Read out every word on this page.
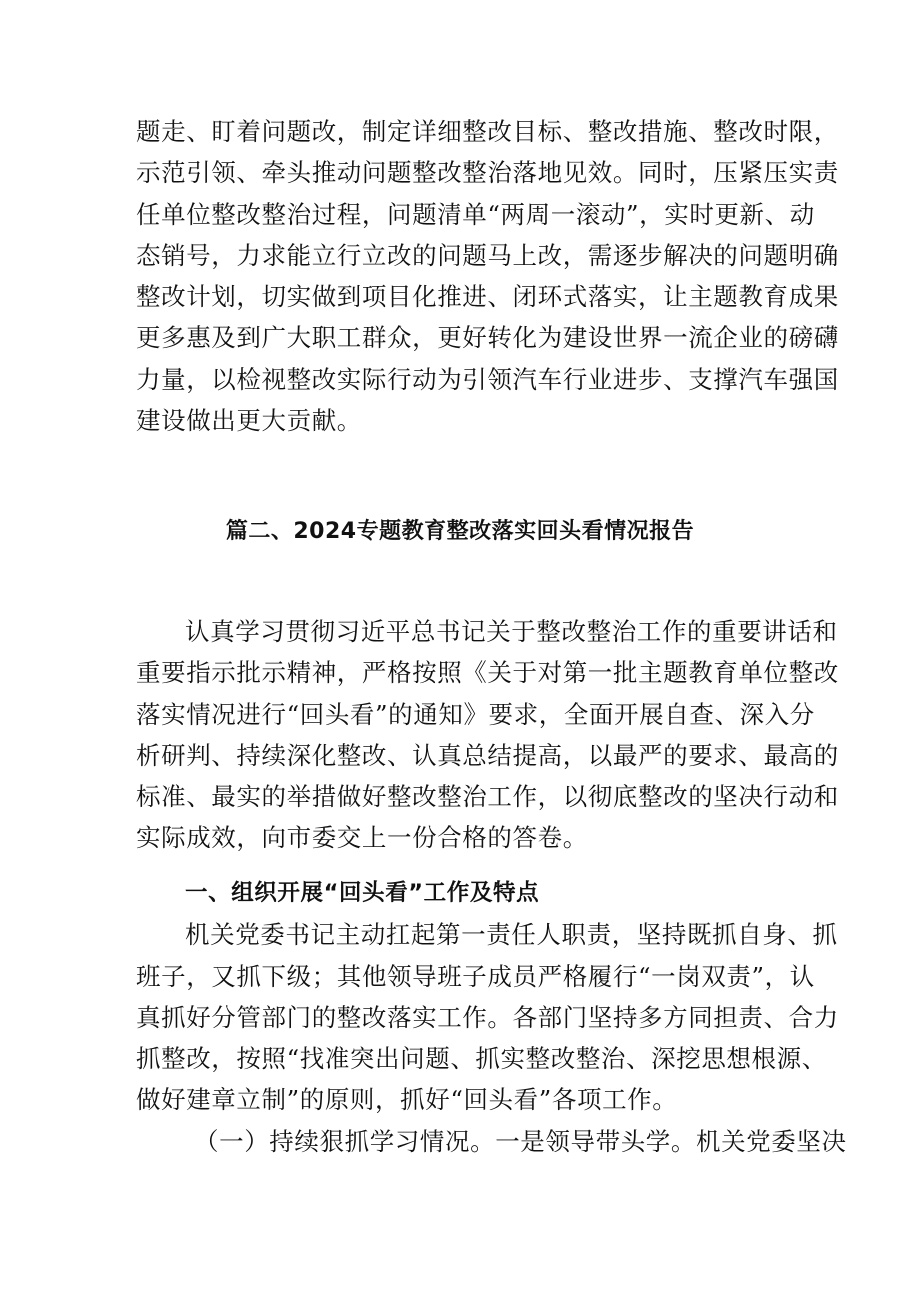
题走、盯着问题改，制定详细整改目标、整改措施、整改时限，
示范引领、牵头推动问题整改整治落地见效。同时，压紧压实责
任单位整改整治过程，问题清单“两周一滚动”，实时更新、动
态销号，力求能立行立改的问题马上改，需逐步解决的问题明确
整改计划，切实做到项目化推进、闭环式落实，让主题教育成果
更多惠及到广大职工群众，更好转化为建设世界一流企业的磅礴
力量，以检视整改实际行动为引领汽车行业进步、支撑汽车强国
建设做出更大贡献。
篇二、2024专题教育整改落实回头看情况报告
认真学习贯彻习近平总书记关于整改整治工作的重要讲话和
重要指示批示精神，严格按照《关于对第一批主题教育单位整改
落实情况进行“回头看”的通知》要求，全面开展自查、深入分
析研判、持续深化整改、认真总结提高，以最严的要求、最高的
标准、最实的举措做好整改整治工作，以彻底整改的坚决行动和
实际成效，向市委交上一份合格的答卷。
一、组织开展“回头看”工作及特点
机关党委书记主动扛起第一责任人职责，坚持既抓自身、抓
班子，又抓下级；其他领导班子成员严格履行“一岗双责”，认
真抓好分管部门的整改落实工作。各部门坚持多方同担责、合力
抓整改，按照“找准突出问题、抓实整改整治、深挖思想根源、
做好建章立制”的原则，抓好“回头看”各项工作。
（一）持续狠抓学习情况。一是领导带头学。机关党委坚决
